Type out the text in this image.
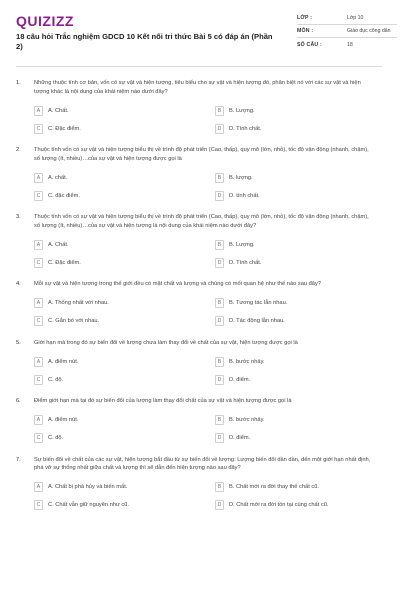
QUIZIZZ
18 câu hỏi Trắc nghiệm GDCD 10 Kết nối tri thức Bài 5 có đáp án (Phần 2)
LỚP :	Lớp 10
MÔN :	Giáo dục công dân
SỐ CÂU :	18
1.	Những thuộc tính cơ bản, vốn có sự vật và hiện tượng, tiêu biểu cho sự vật và hiện tượng đó, phân biệt nó với các sự vật và hiện tượng khác là nội dung của khái niệm nào dưới đây?
A	A. Chất.	B	B. Lượng.
C	C. Đặc điểm.	D	D. Tính chất.
2.	Thuộc tính vốn có sự vật và hiện tượng biểu thị về trình độ phát triển (Cao, thấp), quy mô (lớn, nhỏ), tốc độ vận động (nhanh, chậm), số lượng (ít, nhiều)…của sự vật và hiện tượng được gọi là
A	A. chất.	B	B. lượng.
C	C. đặc điểm.	D	D. tính chất.
3.	Thuộc tính vốn có sự vật và hiện tượng biểu thị về trình độ phát triển (Cao, thấp), quy mô (lớn, nhỏ), tốc độ vận động (nhanh, chậm), số lượng (ít, nhiều)…của sự vật và hiện tượng là nội dung của khái niệm nào dưới đây?
A	A. Chất.	B	B. Lượng.
C	C. Đặc điểm.	D	D. Tính chất.
4.	Mỗi sự vật và hiện tượng trong thế giới đều có mặt chất và lượng và chúng có mối quan hệ như thế nào sau đây?
A	A. Thống nhất với nhau.	B	B. Tương tác lẫn nhau.
C	C. Gắn bó với nhau.	D	D. Tác động lẫn nhau.
5.	Giới hạn mà trong đó sự biến đổi về lượng chưa làm thay đổi về chất của sự vật, hiện tượng được gọi là
A	A. điểm nút.	B	B. bước nhảy.
C	C. độ.	D	D. điểm.
6.	Điểm giới hạn mà tại đó sự biến đổi của lượng làm thay đổi chất của sự vật và hiện tượng được gọi là
A	A. điểm nút.	B	B. bước nhảy.
C	C. độ.	D	D. điểm.
7.	Sự biến đổi về chất của các sự vật, hiện tượng bắt đầu từ sự biến đổi về lượng: Lượng biến đổi dần dần, đến một giới hạn nhất định, phá vỡ sự thống nhất giữa chất và lượng thì sẽ dẫn đến hiện tượng nào sau đây?
A	A. Chất bị phá hủy và biến mất.	B	B. Chất mới ra đời thay thế chất cũ.
C	C. Chất vẫn giữ nguyên như cũ.	D	D. Chất mới ra đời tồn tại cùng chất cũ.
